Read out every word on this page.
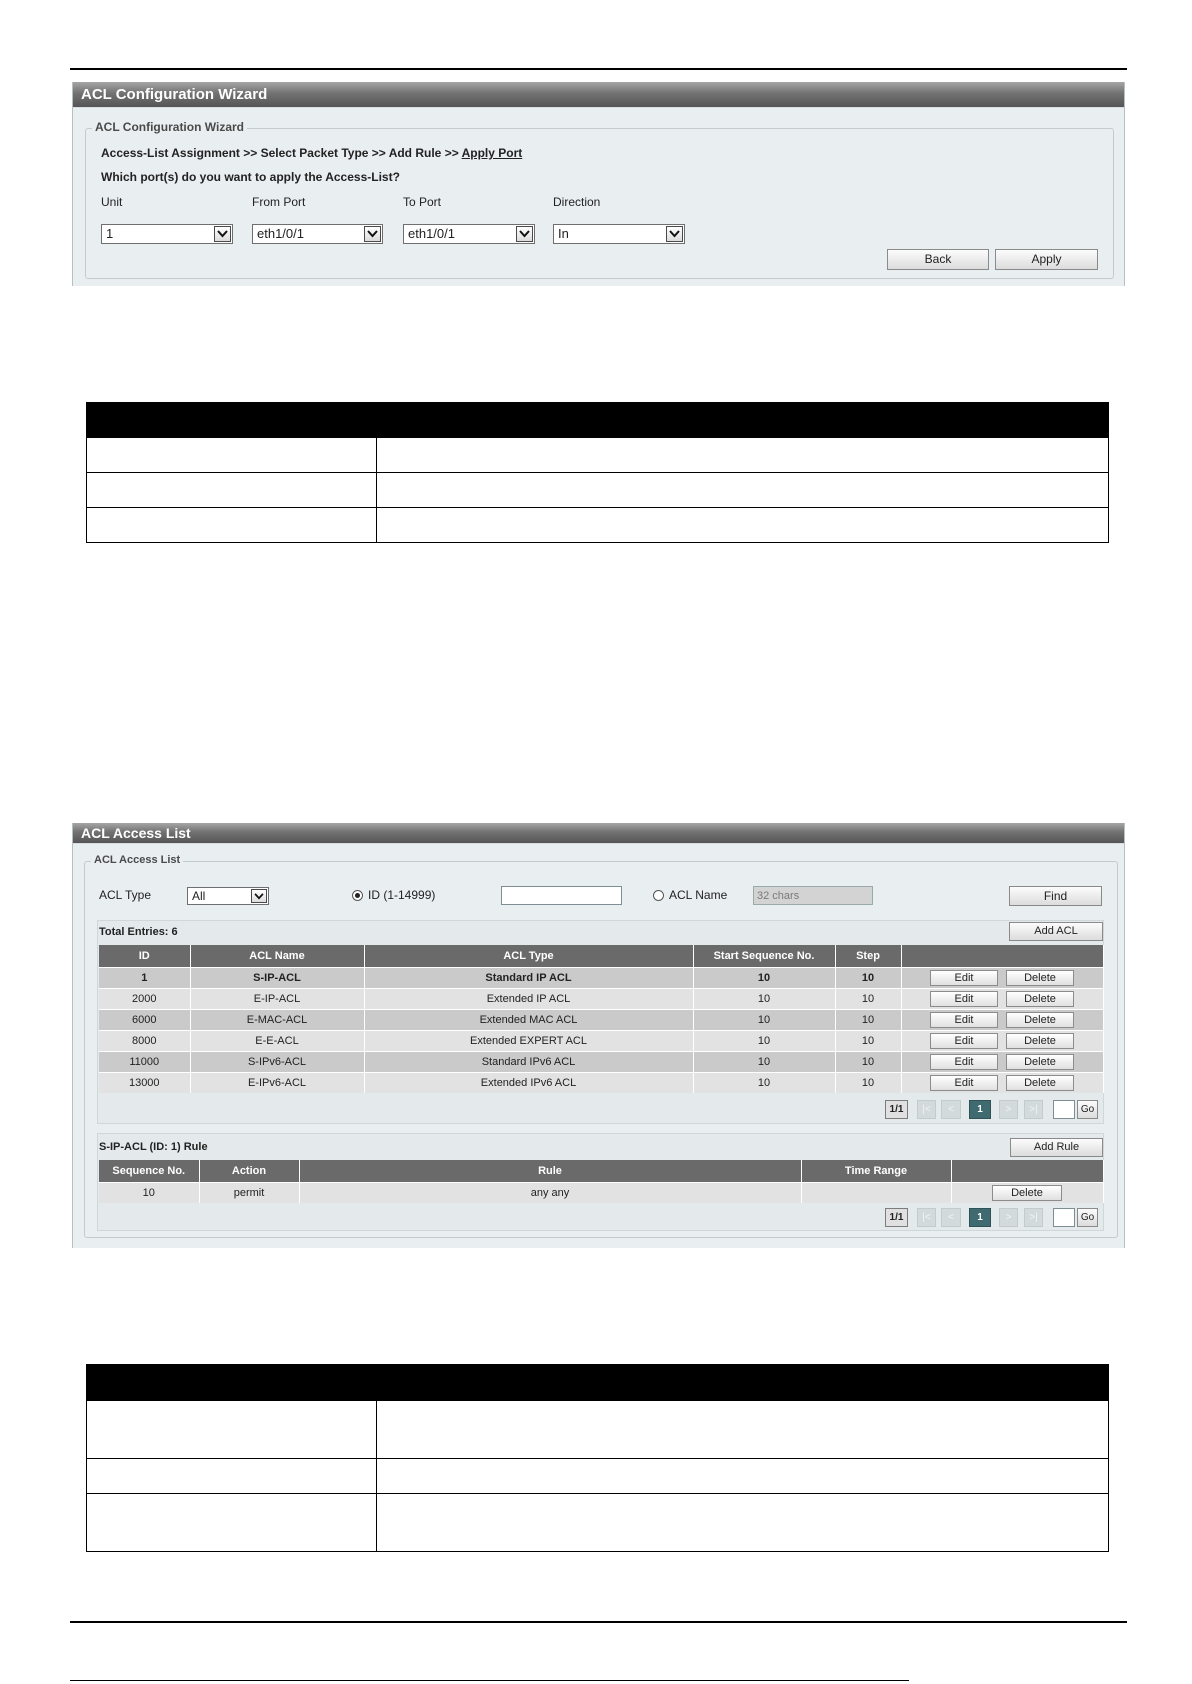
ACL Configuration Wizard
ACL Configuration Wizard
Access-List Assignment >> Select Packet Type >> Add Rule >> Apply Port
Which port(s) do you want to apply the Access-List?
Unit	From Port	To Port	Direction
1	eth1/0/1	eth1/0/1	In
Back	Apply

ACL Access List
ACL Access List
ACL Type	All	ID (1-14999)	ACL Name
32 chars	Find
Total Entries: 6	Add ACL
ID	ACL Name	ACL Type	Start Sequence No.	Step	
1	S-IP-ACL	Standard IP ACL	10	10	Edit Delete
2000	E-IP-ACL	Extended IP ACL	10	10	Edit Delete
6000	E-MAC-ACL	Extended MAC ACL	10	10	Edit Delete
8000	E-E-ACL	Extended EXPERT ACL	10	10	Edit Delete
11000	S-IPv6-ACL	Standard IPv6 ACL	10	10	Edit Delete
13000	E-IPv6-ACL	Extended IPv6 ACL	10	10	Edit Delete
1/1	|<	<	1	>	>|	Go
S-IP-ACL (ID: 1) Rule	Add Rule
Sequence No.	Action	Rule	Time Range	
10	permit	any any		Delete
1/1	|<	<	1	>	>|	Go
